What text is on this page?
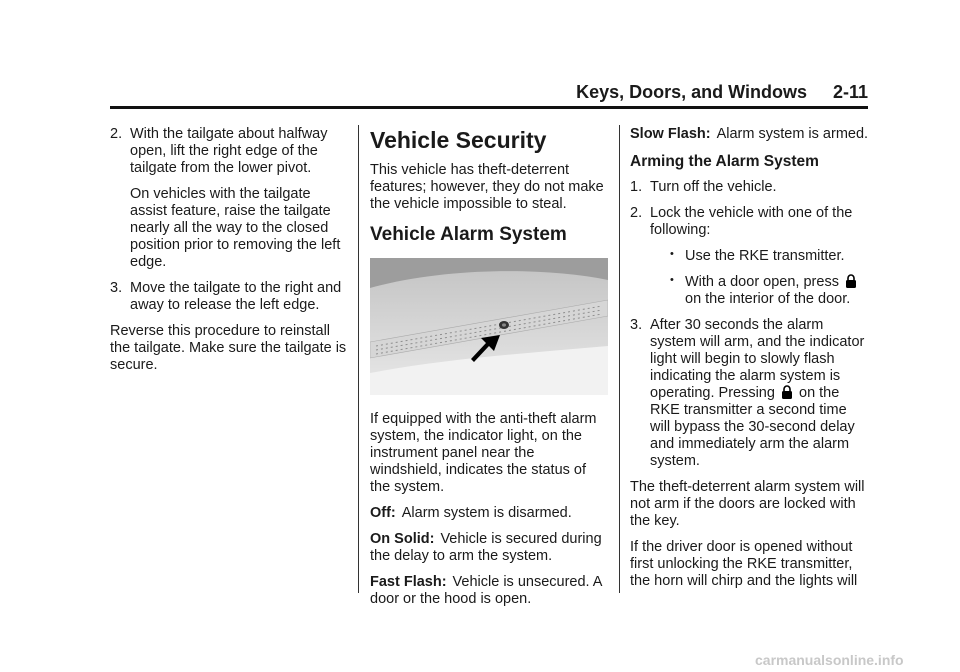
Keys, Doors, and Windows 2-11
2. With the tailgate about halfway open, lift the right edge of the tailgate from the lower pivot.

On vehicles with the tailgate assist feature, raise the tailgate nearly all the way to the closed position prior to removing the left edge.

3. Move the tailgate to the right and away to release the left edge.

Reverse this procedure to reinstall the tailgate. Make sure the tailgate is secure.

Vehicle Security

This vehicle has theft-deterrent features; however, they do not make the vehicle impossible to steal.

Vehicle Alarm System

If equipped with the anti-theft alarm system, the indicator light, on the instrument panel near the windshield, indicates the status of the system.

Off: Alarm system is disarmed.

On Solid: Vehicle is secured during the delay to arm the system.

Fast Flash: Vehicle is unsecured. A door or the hood is open.

Slow Flash: Alarm system is armed.

Arming the Alarm System
1. Turn off the vehicle.
2. Lock the vehicle with one of the following:
• Use the RKE transmitter.
• With a door open, press  on the interior of the door.
3. After 30 seconds the alarm system will arm, and the indicator light will begin to slowly flash indicating the alarm system is operating. Pressing on the RKE transmitter a second time will bypass the 30-second delay and immediately arm the alarm system.

The theft-deterrent alarm system will not arm if the doors are locked with the key.

If the driver door is opened without first unlocking the RKE transmitter, the horn will chirp and the lights will

carmanualsonline.info
